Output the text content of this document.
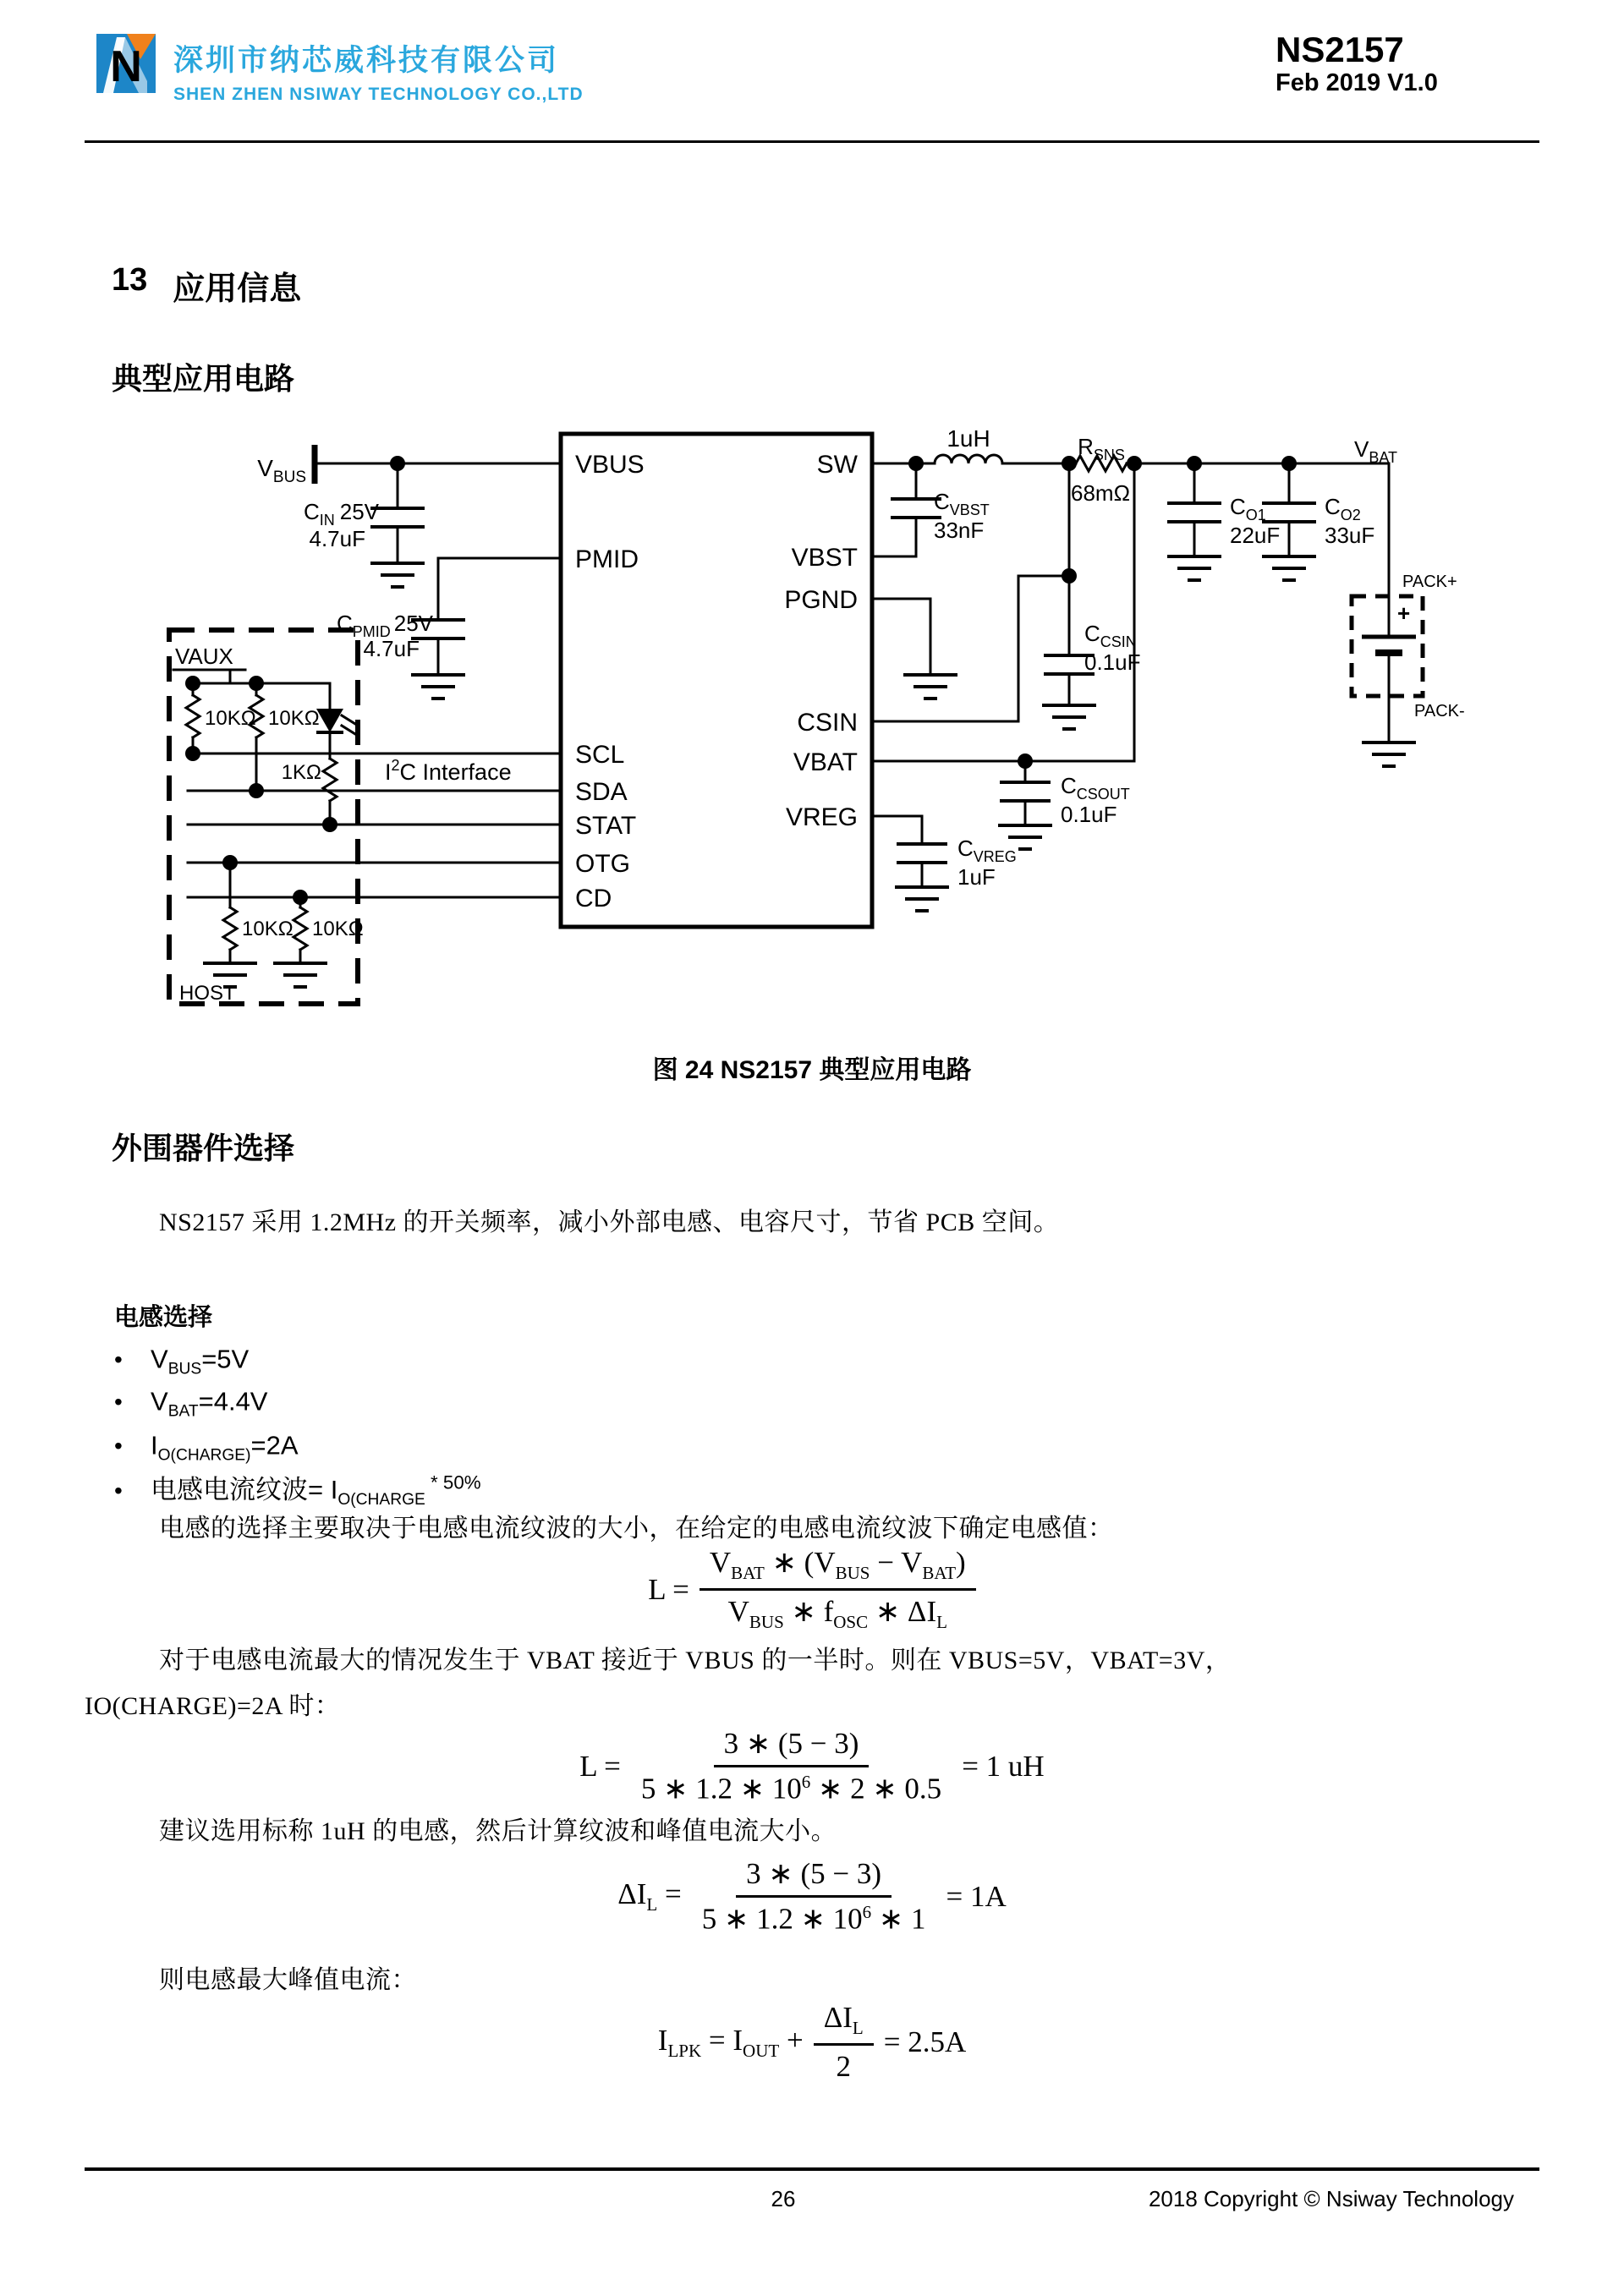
N 深圳市纳芯威科技有限公司
SHEN ZHEN NSIWAY TECHNOLOGY CO.,LTD
NS2157
Feb 2019 V1.0
13 应用信息
典型应用电路
VBUS
PMID
SCL
SDA
STAT
OTG
CD
SW
VBST
PGND
CSIN
VBAT
VREG
$C_{IN}$ 25V
4.7uF
$C_{PMID}$ 25V
4.7uF
VAUX
10KΩ 10KΩ
1KΩ	$I^2C$ Interface
10KΩ 10KΩ
HOST
1uH	$R_{SNS}$
68mΩ
$C_{VBST}$
33nF
$C_{CSIN}$
0.1uF
$C_{CSOUT}$
0.1uF
$C_{VREG}$
1uF
$C_{O1}$
22uF
$C_{O2}$
33uF
$V_{BAT}$
PACK+
+
PACK-
$V_{BUS}$
图 24 NS2157 典型应用电路
外围器件选择
NS2157 采用 1.2MHz 的开关频率，减小外部电感、电容尺寸，节省 PCB 空间。
电感选择
•	$V_{BUS}=5V$
•	$V_{BAT}=4.4V$
•	$I_{O(CHARGE)}=2A$
•	电感电流纹波= $I_{O(CHARGE}$ $^{* 50\%}$
电感的选择主要取决于电感电流纹波的大小，在给定的电感电流纹波下确定电感值：
$L = \frac{V_{BAT} ∗ (V_{BUS} - V_{BAT})}{V_{BUS} ∗ f_{OSC} ∗ \Delta I_L}$
对于电感电流最大的情况发生于 VBAT 接近于 VBUS 的一半时。则在 VBUS=5V，VBAT=3V，
IO(CHARGE)=2A 时：
$L = \frac{3 ∗ (5 - 3)}{5 ∗ 1.2 ∗ 10^6 ∗ 2 ∗ 0.5} = 1$ uH
建议选用标称 1uH 的电感，然后计算纹波和峰值电流大小。
$\Delta I_L = \frac{3 ∗ (5 - 3)}{5 ∗ 1.2 ∗ 10^6 ∗ 1} = 1A$
则电感最大峰值电流：
$I_{LPK} = I_{OUT} + \frac{\Delta I_L}{2} = 2.5A$
26	2018 Copyright © Nsiway Technology
